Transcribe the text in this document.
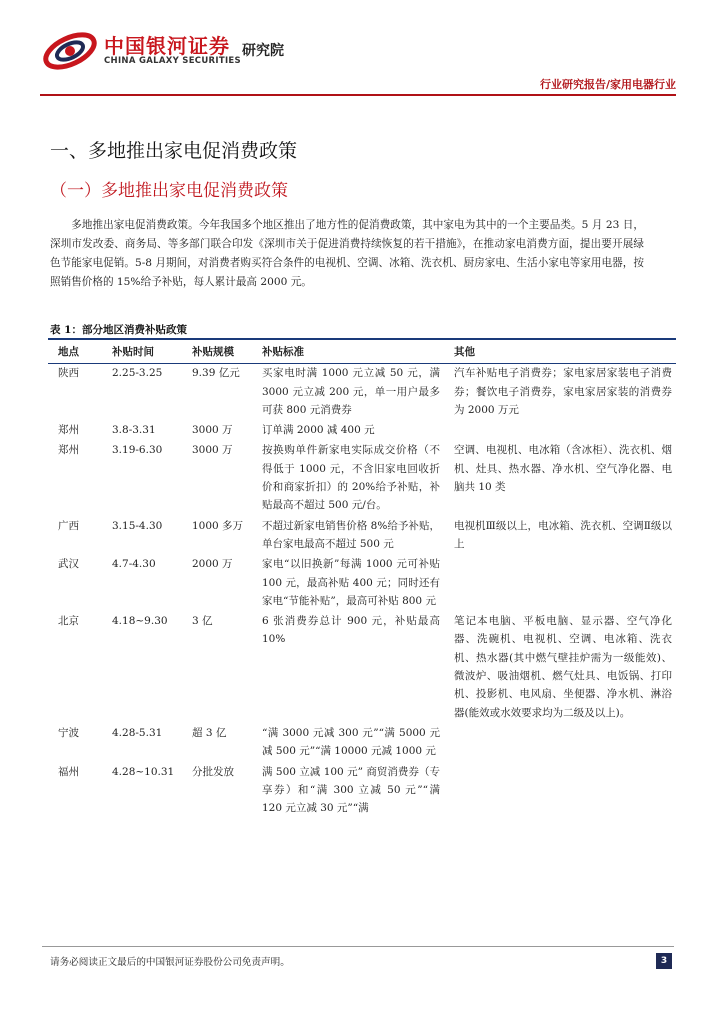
中国银河证券
CHINA GALAXY SECURITIES
研究院
行业研究报告/家用电器行业
一、多地推出家电促消费政策
（一）多地推出家电促消费政策

多地推出家电促消费政策。今年我国多个地区推出了地方性的促消费政策，其中家电为其中的一个主要品类。5 月 23 日，深圳市发改委、商务局、等多部门联合印发《深圳市关于促进消费持续恢复的若干措施》，在推动家电消费方面，提出要开展绿色节能家电促销。5-8 月期间，对消费者购买符合条件的电视机、空调、冰箱、洗衣机、厨房家电、生活小家电等家用电器，按照销售价格的 15%给予补贴，每人累计最高 2000 元。

表 1：部分地区消费补贴政策
地点	补贴时间	补贴规模	补贴标准	其他
陕西	2.25-3.25	9.39 亿元	买家电时满 1000 元立减 50 元，满 3000 元立减 200 元，单一用户最多可获 800 元消费券	汽车补贴电子消费券；家电家居家装电子消费券；餐饮电子消费券，家电家居家装的消费券为 2000 万元
郑州	3.8-3.31	3000 万	订单满 2000 减 400 元	
郑州	3.19-6.30	3000 万	按换购单件新家电实际成交价格（不得低于 1000 元，不含旧家电回收折价和商家折扣）的 20%给予补贴，补贴最高不超过 500 元/台。	空调、电视机、电冰箱（含冰柜）、洗衣机、烟机、灶具、热水器、净水机、空气净化器、电脑共 10 类
广西	3.15-4.30	1000 多万	不超过新家电销售价格 8%给予补贴，单台家电最高不超过 500 元	电视机Ⅲ级以上，电冰箱、洗衣机、空调Ⅱ级以上
武汉	4.7-4.30	2000 万	家电“以旧换新”每满 1000 元可补贴 100 元，最高补贴 400 元；同时还有家电“节能补贴”，最高可补贴 800 元	
北京	4.18~9.30	3 亿	6 张消费券总计 900 元，补贴最高 10%	笔记本电脑、平板电脑、显示器、空气净化器、洗碗机、电视机、空调、电冰箱、洗衣机、热水器(其中燃气壁挂炉需为一级能效)、微波炉、吸油烟机、燃气灶具、电饭锅、打印机、投影机、电风扇、坐便器、净水机、淋浴器(能效或水效要求均为二级及以上)。
宁波	4.28-5.31	超 3 亿	“满 3000 元减 300 元”“满 5000 元减 500 元”“满 10000 元减 1000 元	
福州	4.28~10.31	分批发放	满 500 立减 100 元” 商贸消费券（专享券）和“满 300 立减 50 元”“满 120 元立减 30 元”“满	
请务必阅读正文最后的中国银河证券股份公司免责声明。	3
